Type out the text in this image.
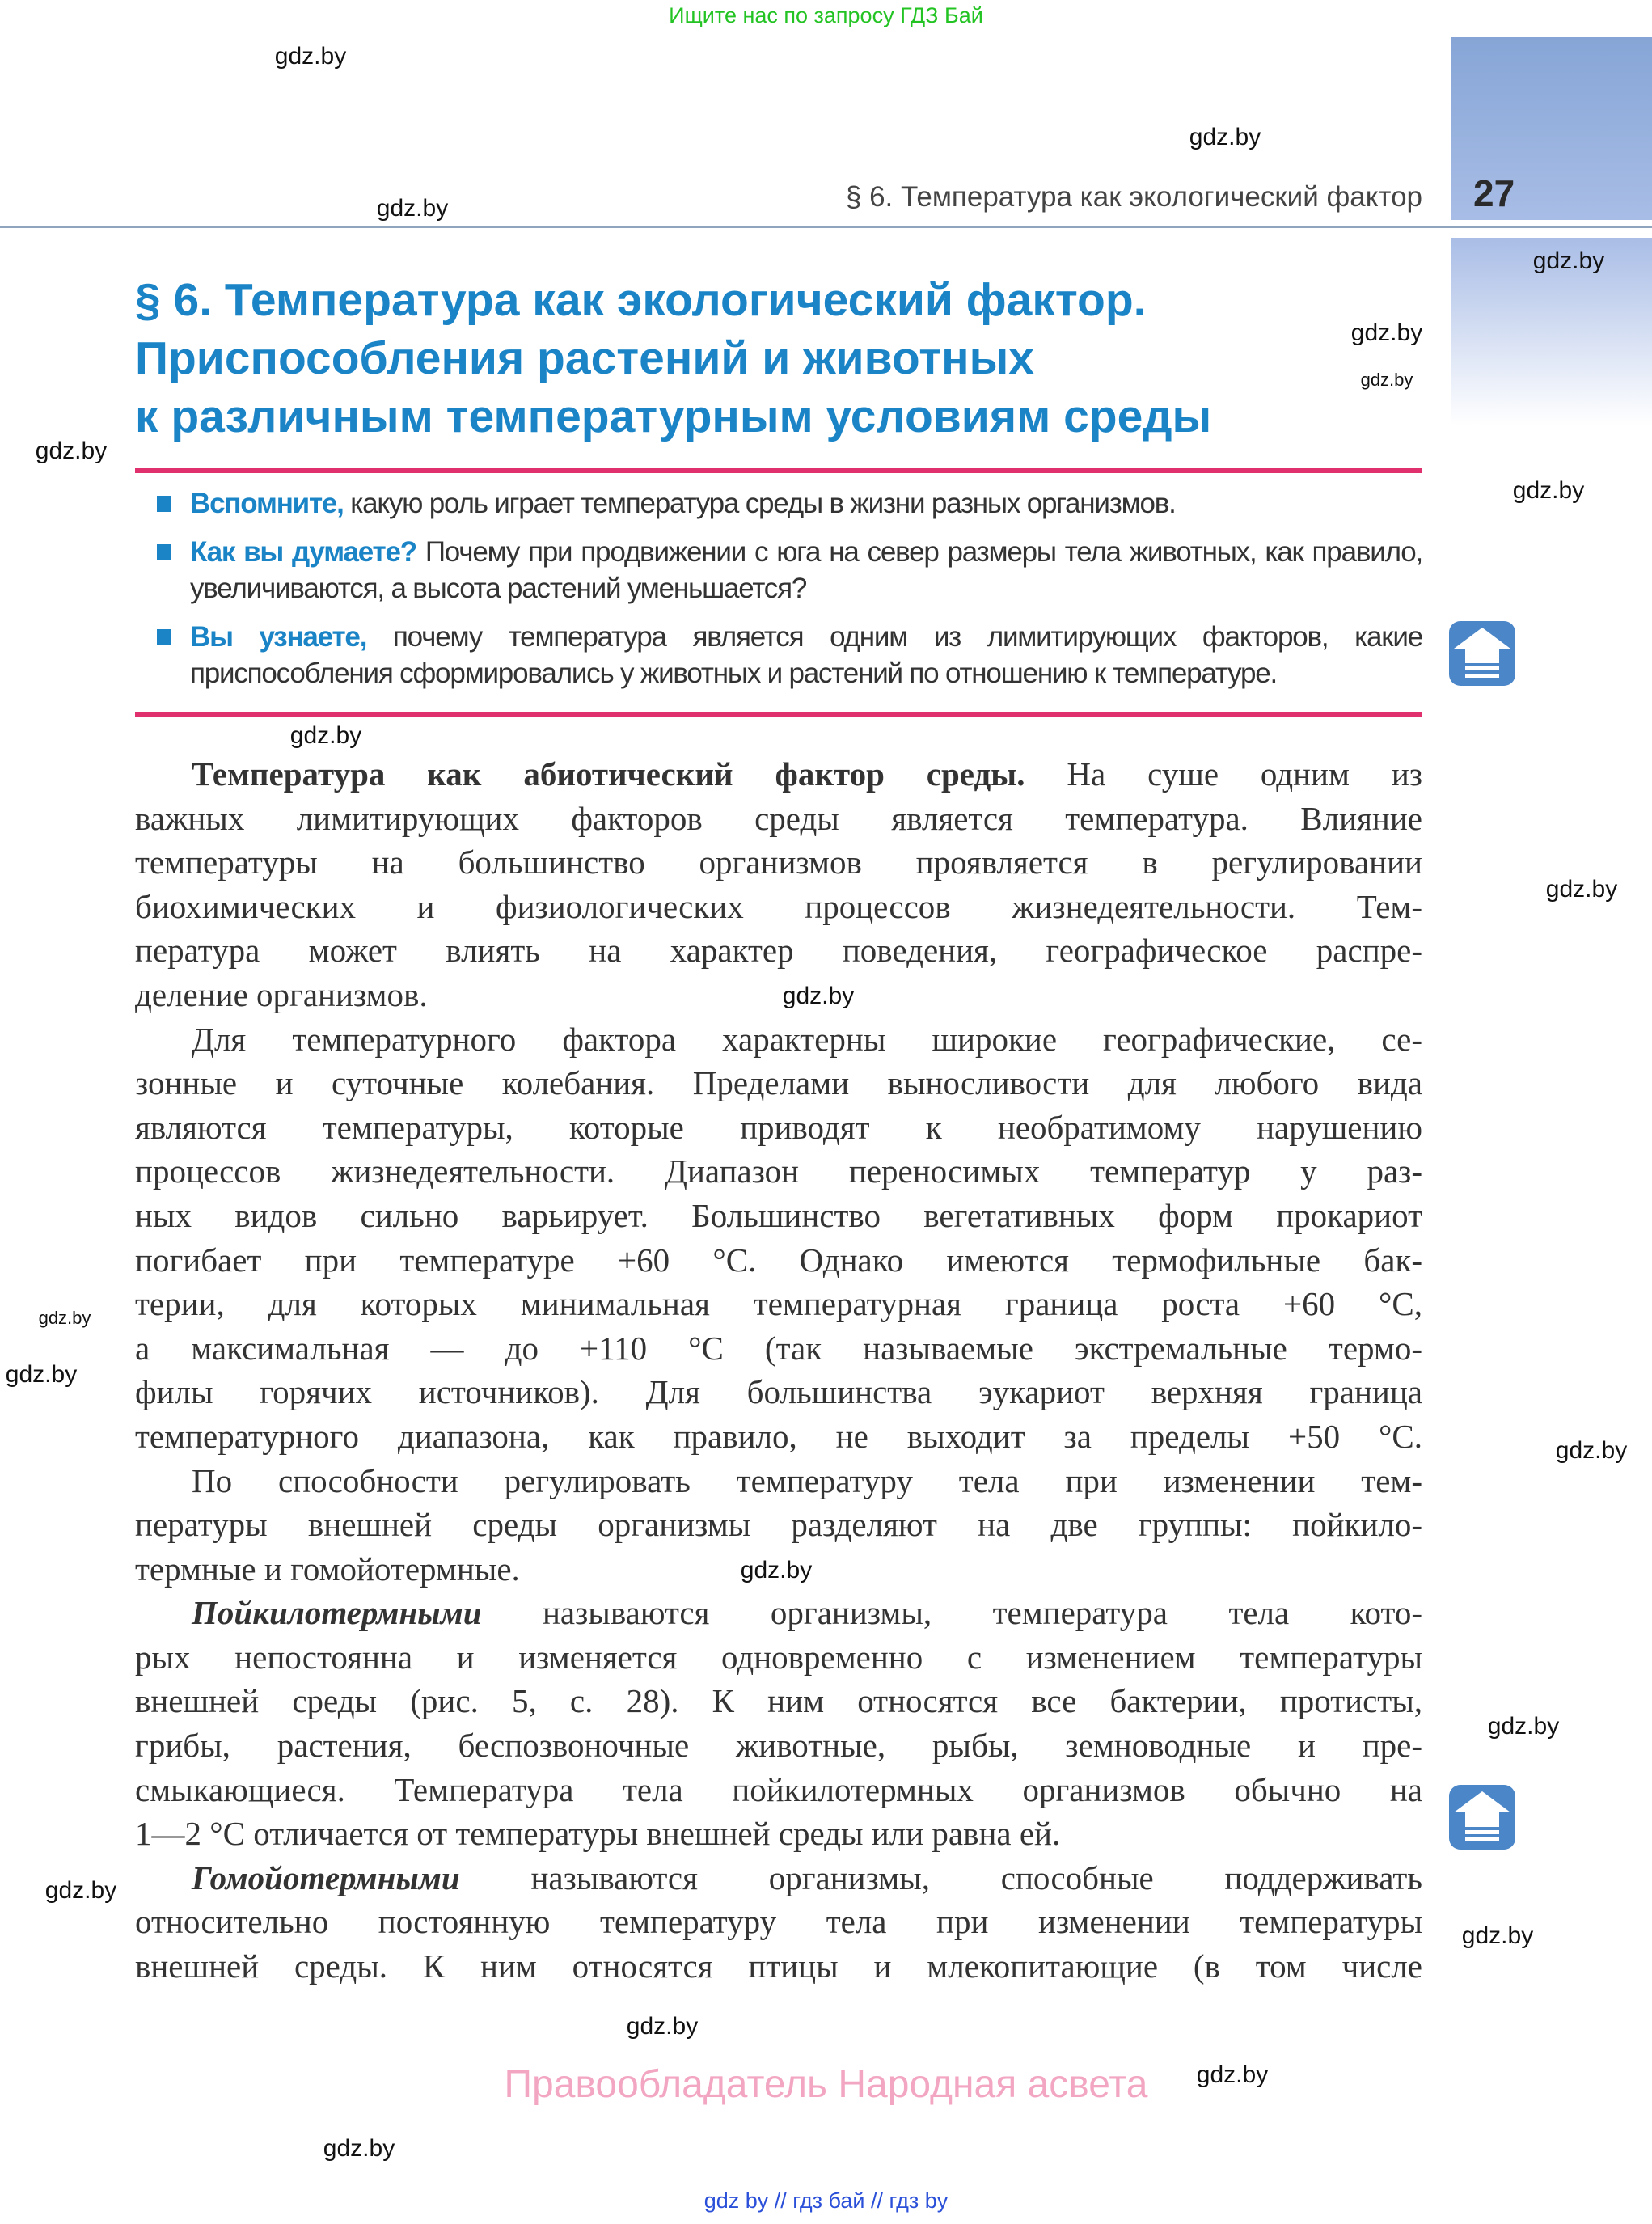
Ищите нас по запросу ГДЗ Бай
27
§ 6. Температура как экологический фактор
§ 6. Температура как экологический фактор.
Приспособления растений и животных
к различным температурным условиям среды
Вспомните, какую роль играет температура среды в жизни разных организмов.
Как вы думаете? Почему при продвижении с юга на север размеры тела животных, как правило, увеличиваются, а высота растений уменьшается?
Вы узнаете, почему температура является одним из лимитирующих факторов, какие приспособления сформировались у животных и растений по отношению к температуре.
Температура как абиотический фактор среды. На суше одним из
важных лимитирующих факторов среды является температура. Влияние
температуры на большинство организмов проявляется в регулировании
биохимических и физиологических процессов жизнедеятельности. Тем-
пература может влиять на характер поведения, географическое распре-
деление организмов.
Для температурного фактора характерны широкие географические, се-
зонные и суточные колебания. Пределами выносливости для любого вида
являются температуры, которые приводят к необратимому нарушению
процессов жизнедеятельности. Диапазон переносимых температур у раз-
ных видов сильно варьирует. Большинство вегетативных форм прокариот
погибает при температуре +60 °С. Однако имеются термофильные бак-
терии, для которых минимальная температурная граница роста +60 °С,
а максимальная — до +110 °С (так называемые экстремальные термо-
филы горячих источников). Для большинства эукариот верхняя граница
температурного диапазона, как правило, не выходит за пределы +50 °С.
По способности регулировать температуру тела при изменении тем-
пературы внешней среды организмы разделяют на две группы: пойкило-
термные и гомойотермные.
Пойкилотермными называются организмы, температура тела кото-
рых непостоянна и изменяется одновременно с изменением температуры
внешней среды (рис. 5, с. 28). К ним относятся все бактерии, протисты,
грибы, растения, беспозвоночные животные, рыбы, земноводные и пре-
смыкающиеся. Температура тела пойкилотермных организмов обычно на
1—2 °С отличается от температуры внешней среды или равна ей.
Гомойотермными называются организмы, способные поддерживать
относительно постоянную температуру тела при изменении температуры
внешней среды. К ним относятся птицы и млекопитающие (в том числе
gdz.by
gdz.by
gdz.by
gdz.by
gdz.by
gdz.by
gdz.by
gdz.by
gdz.by
gdz.by
gdz.by
gdz.by
gdz.by
gdz.by
gdz.by
gdz.by
gdz.by
gdz.by
gdz.by
gdz.by
gdz.by
Правообладатель Народная асвета
gdz by // гдз бай // гдз by
